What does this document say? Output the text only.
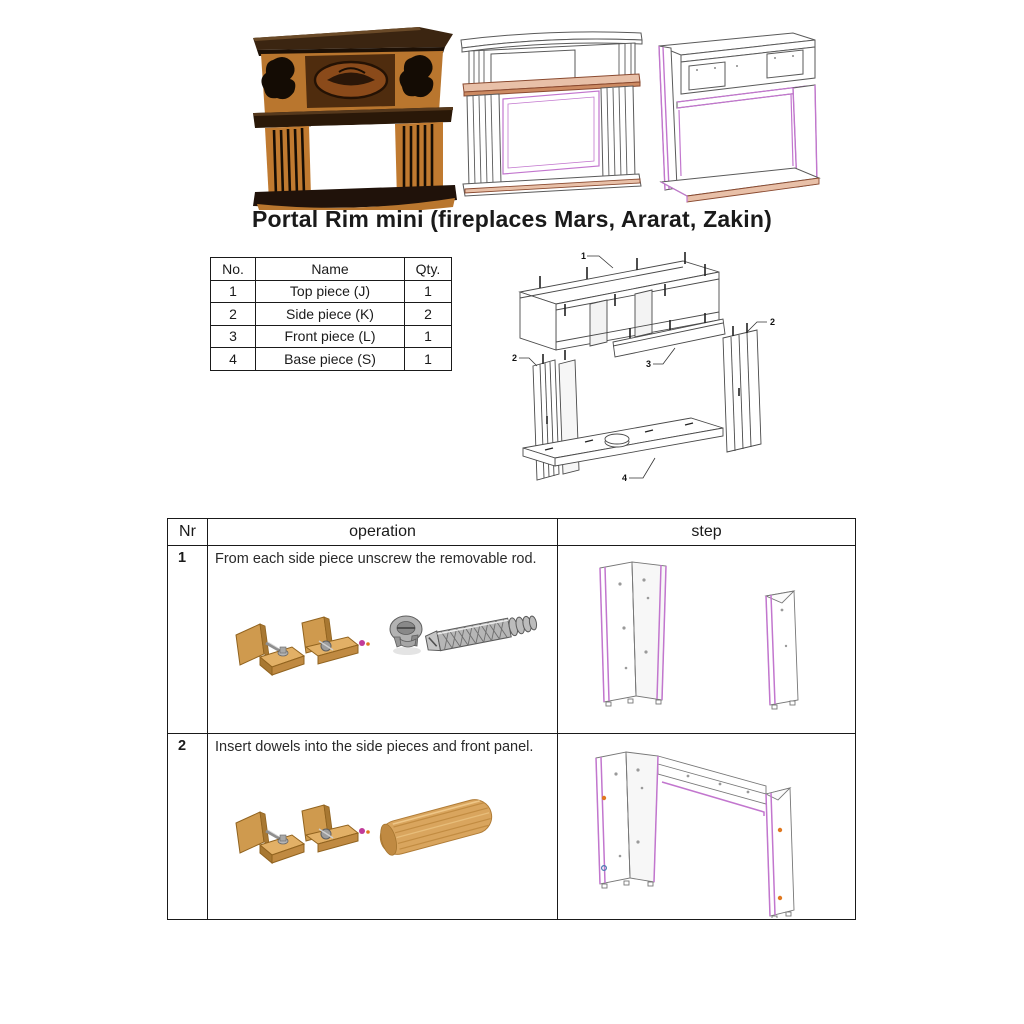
Portal Rim mini (fireplaces Mars, Ararat, Zakin)
No.	Name	Qty.
1	Top piece (J)	1
2	Side piece (K)	2
3	Front piece (L)	1
4	Base piece (S)	1
1
2
2
3
4
Nr	operation	step

1	From each side piece unscrew the removable rod.

2	Insert dowels into the side pieces and front panel.
